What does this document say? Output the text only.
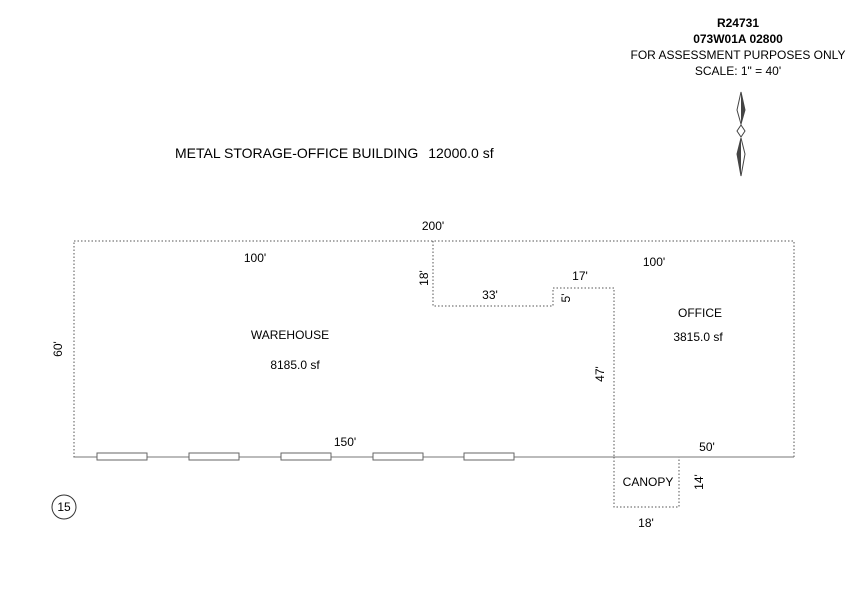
R24731
073W01A 02800
FOR ASSESSMENT PURPOSES ONLY
SCALE: 1" = 40'
METAL STORAGE-OFFICE BUILDING 12000.0 sf
200'
100'	100'
17'
33'
18'
5'
47'
60'
150'	50'
18'
14'
WAREHOUSE
8185.0 sf
OFFICE
3815.0 sf
CANOPY
15
